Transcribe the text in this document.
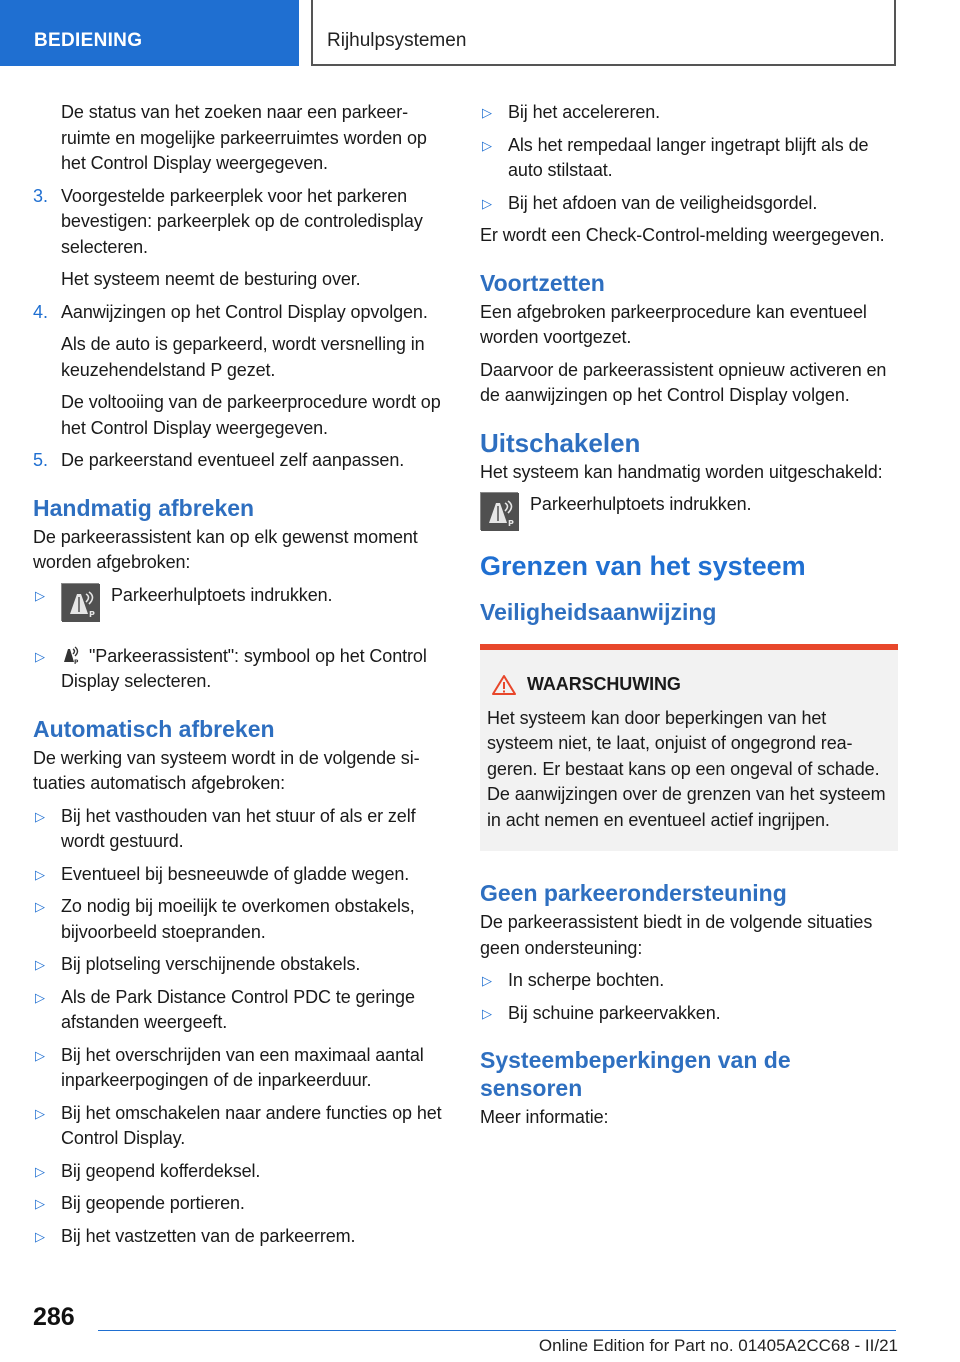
BEDIENING	Rijhulpsystemen

De status van het zoeken naar een parkeerruimte en mogelijke parkeerruimtes worden op het Control Display weergegeven.

3. Voorgestelde parkeerplek voor het parkeren bevestigen: parkeerplek op de controledisplay selecteren.

Het systeem neemt de besturing over.

4. Aanwijzingen op het Control Display opvolgen.

Als de auto is geparkeerd, wordt versnelling in keuzehendelstand P gezet.

De voltooiing van de parkeerprocedure wordt op het Control Display weergegeven.

5. De parkeerstand eventueel zelf aanpassen.

Handmatig afbreken

De parkeerassistent kan op elk gewenst moment worden afgebroken:

▷
P
Parkeerhulptoets indrukken.
▷	P "Parkeerassistent": symbool op het Control Display selecteren.
Automatisch afbreken

De werking van systeem wordt in de volgende situaties automatisch afgebroken:

▷ Bij het vasthouden van het stuur of als er zelf wordt gestuurd.
▷ Eventueel bij besneeuwde of gladde wegen.
▷ Zo nodig bij moeilijk te overkomen obstakels, bijvoorbeeld stoepranden.
▷ Bij plotseling verschijnende obstakels.
▷ Als de Park Distance Control PDC te geringe afstanden weergeeft.
▷ Bij het overschrijden van een maximaal aantal inparkeerpogingen of de inparkeerduur.
▷ Bij het omschakelen naar andere functies op het Control Display.
▷ Bij geopend kofferdeksel.
▷ Bij geopende portieren.
▷ Bij het vastzetten van de parkeerrem.
▷ Bij het accelereren.
▷ Als het rempedaal langer ingetrapt blijft als de auto stilstaat.
▷ Bij het afdoen van de veiligheidsgordel.

Er wordt een Check-Control-melding weergegeven.

Voortzetten

Een afgebroken parkeerprocedure kan eventueel worden voortgezet.

Daarvoor de parkeerassistent opnieuw activeren en de aanwijzingen op het Control Display volgen.

Uitschakelen

Het systeem kan handmatig worden uitgeschakeld:

P
Parkeerhulptoets indrukken.
Grenzen van het systeem
Veiligheidsaanwijzing
WAARSCHUWING

Het systeem kan door beperkingen van het systeem niet, te laat, onjuist of ongegrond reageren. Er bestaat kans op een ongeval of schade. De aanwijzingen over de grenzen van het systeem in acht nemen en eventueel actief ingrijpen.

Geen parkeerondersteuning

De parkeerassistent biedt in de volgende situaties geen ondersteuning:

▷ In scherpe bochten.
▷ Bij schuine parkeervakken.
Systeembeperkingen van de sensoren

Meer informatie:

286
Online Edition for Part no. 01405A2CC68 - II/21
